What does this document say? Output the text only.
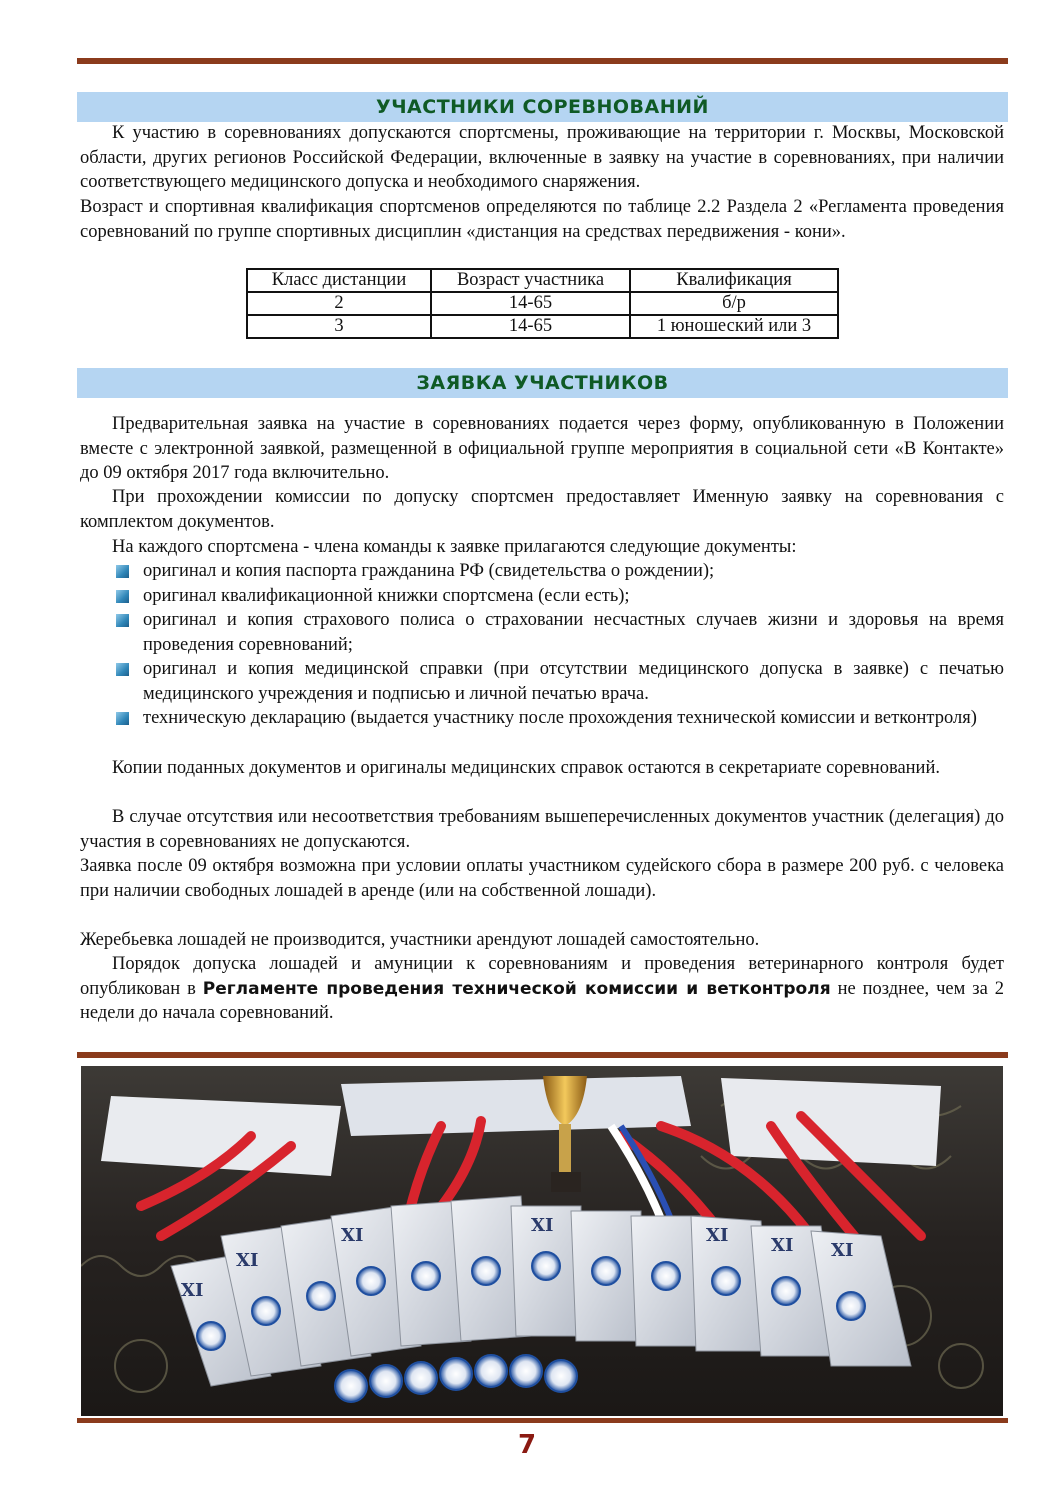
УЧАСТНИКИ СОРЕВНОВАНИЙ

К участию в соревнованиях допускаются спортсмены, проживающие на территории г. Москвы, Московской области, других регионов Российской Федерации, включенные в заявку на участие в соревнованиях, при наличии соответствующего медицинского допуска и необходимого снаряжения.

Возраст и спортивная квалификация спортсменов определяются по таблице 2.2 Раздела 2 «Регламента проведения соревнований по группе спортивных дисциплин «дистанция на средствах передвижения - кони».

Класс дистанции	Возраст участника	Квалификация
2	14-65	б/р
3	14-65	1 юношеский или 3
ЗАЯВКА УЧАСТНИКОВ

Предварительная заявка на участие в соревнованиях подается через форму, опубликованную в Положении вместе с электронной заявкой, размещенной в официальной группе мероприятия в социальной сети «В Контакте» до 09 октября 2017 года включительно.

При прохождении комиссии по допуску спортсмен предоставляет Именную заявку на соревнования с комплектом документов.

На каждого спортсмена - члена команды к заявке прилагаются следующие документы:

оригинал и копия паспорта гражданина РФ (свидетельства о рождении);
оригинал квалификационной книжки спортсмена (если есть);
оригинал и копия страхового полиса о страховании несчастных случаев жизни и здоровья на время проведения соревнований;
оригинал и копия медицинской справки (при отсутствии медицинского допуска в заявке) с печатью медицинского учреждения и подписью и личной печатью врача.
техническую декларацию (выдается участнику после прохождения технической комиссии и ветконтроля)

Копии поданных документов и оригиналы медицинских справок остаются в секретариате соревнований.

В случае отсутствия или несоответствия требованиям вышеперечисленных документов участник (делегация) до участия в соревнованиях не допускаются.

Заявка после 09 октября возможна при условии оплаты участником судейского сбора в размере 200 руб. с человека при наличии свободных лошадей в аренде (или на собственной лошади).

Жеребьевка лошадей не производится, участники арендуют лошадей самостоятельно.

Порядок допуска лошадей и амуниции к соревнованиям и проведения ветеринарного контроля будет опубликован в Регламенте проведения технической комиссии и ветконтроля не позднее, чем за 2 недели до начала соревнований.

XI
XI
XI	XI	XI XI XI
7
